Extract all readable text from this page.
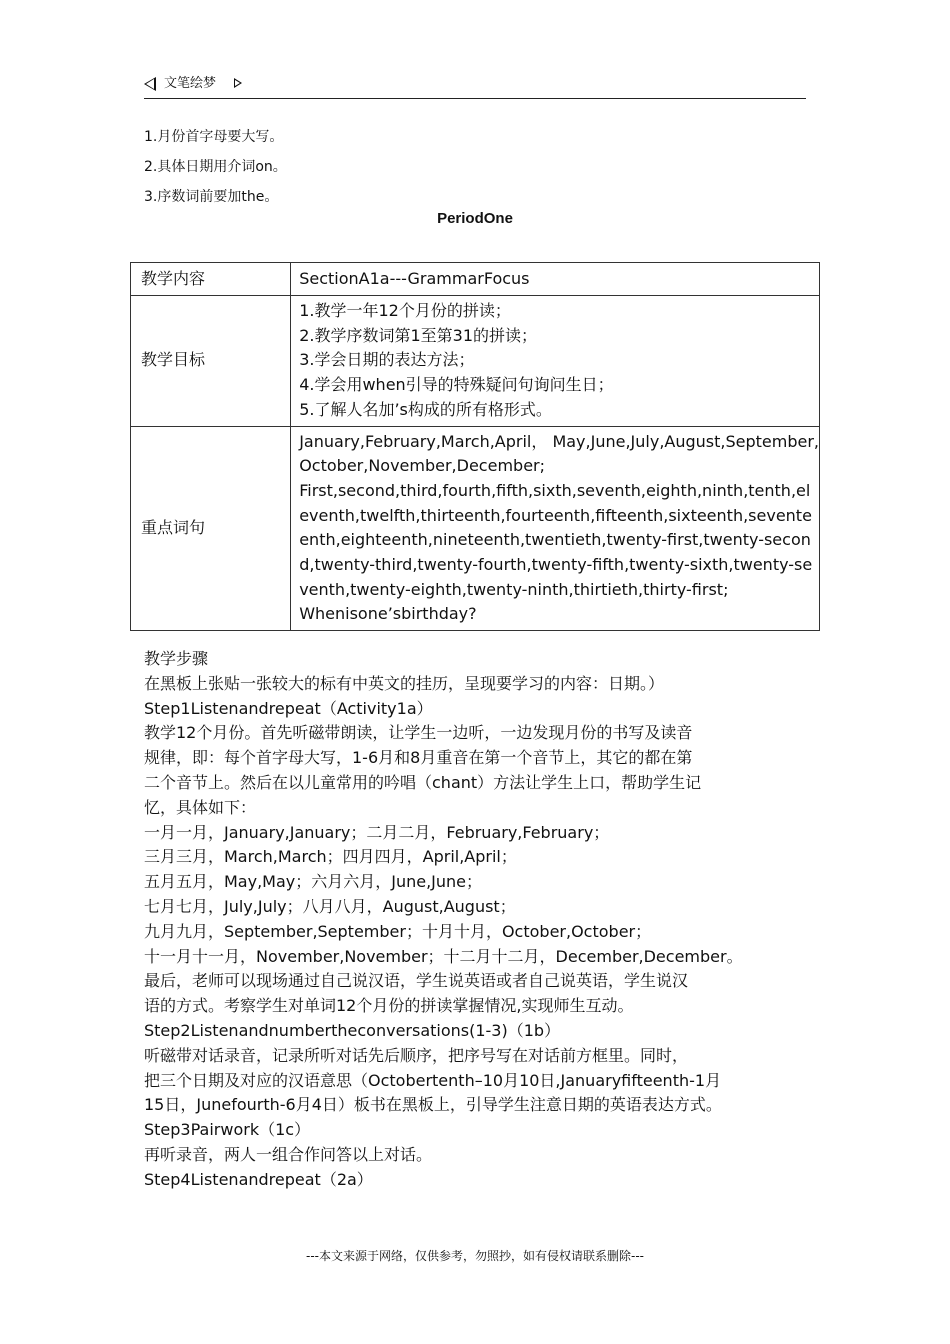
文笔绘梦
1.月份首字母要大写。
2.具体日期用介词on。
3.序数词前要加the。
PeriodOne
教学内容	SectionA1a---GrammarFocus

教学目标	1.教学一年12个月份的拼读；
2.教学序数词第1至第31的拼读；
3.学会日期的表达方法；
4.学会用when引导的特殊疑问句询问生日；
5.了解人名加’s构成的所有格形式。

重点词句	January,February,March,April， May,June,July,August,September,
October,November,December;
First,second,third,fourth,fifth,sixth,seventh,eighth,ninth,tenth,eleventh,twelfth,thirteenth,fourteenth,fifteenth,sixteenth,seventeenth,eighteenth,nineteenth,twentieth,twenty-first,twenty-second,twenty-third,twenty-fourth,twenty-fifth,twenty-sixth,twenty-seventh,twenty-eighth,twenty-ninth,thirtieth,thirty-first;
Whenisone’sbirthday?
教学步骤
在黑板上张贴一张较大的标有中英文的挂历，呈现要学习的内容：日期。）
Step1Listenandrepeat（Activity1a）
教学12个月份。首先听磁带朗读，让学生一边听，一边发现月份的书写及读音
规律，即：每个首字母大写，1-6月和8月重音在第一个音节上，其它的都在第
二个音节上。然后在以儿童常用的吟唱（chant）方法让学生上口，帮助学生记
忆，具体如下：
一月一月，January,January；二月二月，February,February；
三月三月，March,March；四月四月，April,April；
五月五月，May,May；六月六月，June,June；
七月七月，July,July；八月八月，August,August；
九月九月，September,September；十月十月，October,October；
十一月十一月，November,November；十二月十二月，December,December。
最后，老师可以现场通过自己说汉语，学生说英语或者自己说英语，学生说汉
语的方式。考察学生对单词12个月份的拼读掌握情况,实现师生互动。
Step2Listenandnumbertheconversations(1-3)（1b）
听磁带对话录音，记录所听对话先后顺序，把序号写在对话前方框里。同时，
把三个日期及对应的汉语意思（Octobertenth–10月10日,Januaryfifteenth-1月
15日，Junefourth-6月4日）板书在黑板上，引导学生注意日期的英语表达方式。
Step3Pairwork（1c）
再听录音，两人一组合作问答以上对话。
Step4Listenandrepeat（2a）
---本文来源于网络，仅供参考，勿照抄，如有侵权请联系删除---
